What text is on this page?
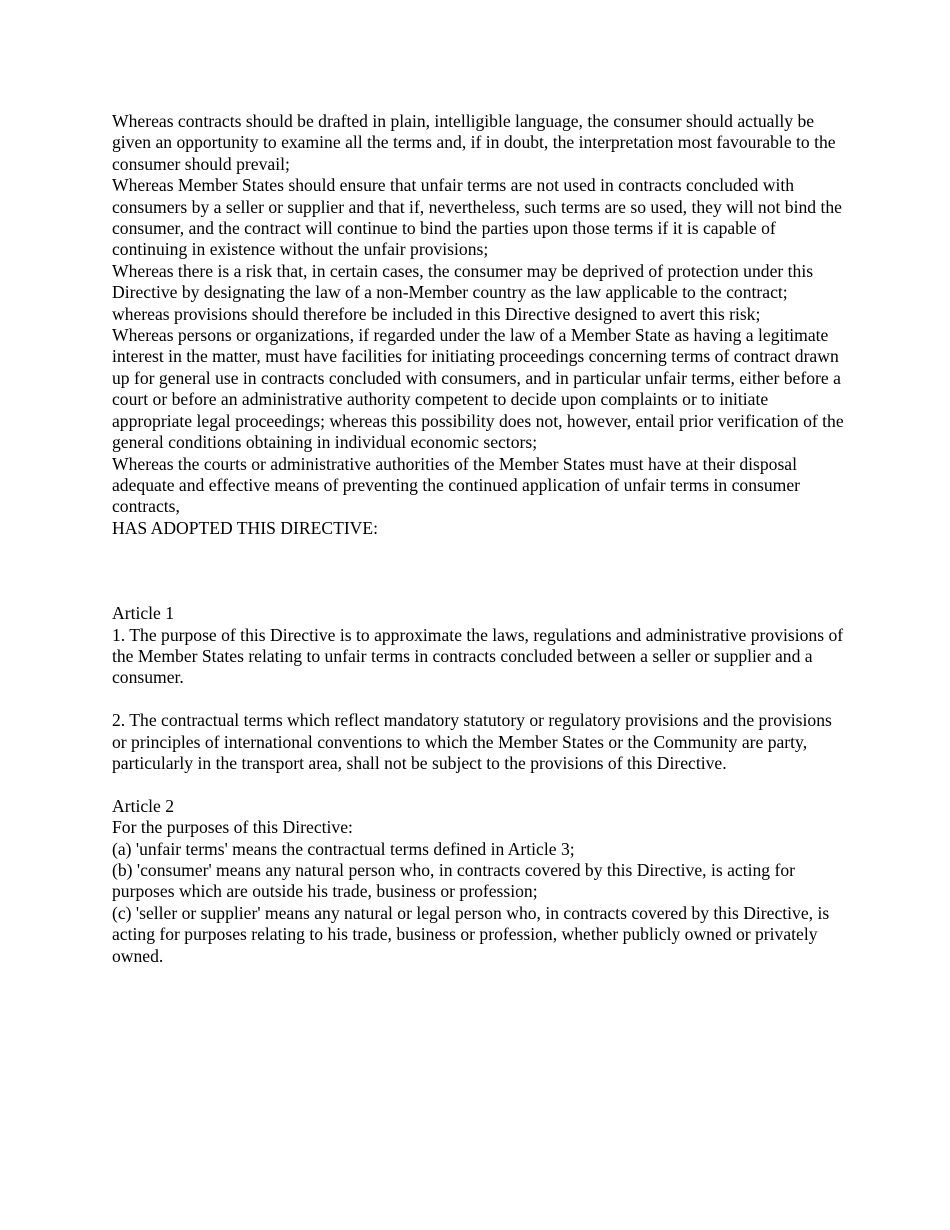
Whereas contracts should be drafted in plain, intelligible language, the consumer should actually be given an opportunity to examine all the terms and, if in doubt, the interpretation most favourable to the consumer should prevail;

Whereas Member States should ensure that unfair terms are not used in contracts concluded with consumers by a seller or supplier and that if, nevertheless, such terms are so used, they will not bind the consumer, and the contract will continue to bind the parties upon those terms if it is capable of continuing in existence without the unfair provisions;

Whereas there is a risk that, in certain cases, the consumer may be deprived of protection under this Directive by designating the law of a non-Member country as the law applicable to the contract; whereas provisions should therefore be included in this Directive designed to avert this risk;

Whereas persons or organizations, if regarded under the law of a Member State as having a legitimate interest in the matter, must have facilities for initiating proceedings concerning terms of contract drawn up for general use in contracts concluded with consumers, and in particular unfair terms, either before a court or before an administrative authority competent to decide upon complaints or to initiate appropriate legal proceedings; whereas this possibility does not, however, entail prior verification of the general conditions obtaining in individual economic sectors;

Whereas the courts or administrative authorities of the Member States must have at their disposal adequate and effective means of preventing the continued application of unfair terms in consumer contracts,

HAS ADOPTED THIS DIRECTIVE:

Article 1

1. The purpose of this Directive is to approximate the laws, regulations and administrative provisions of the Member States relating to unfair terms in contracts concluded between a seller or supplier and a consumer.

2. The contractual terms which reflect mandatory statutory or regulatory provisions and the provisions or principles of international conventions to which the Member States or the Community are party, particularly in the transport area, shall not be subject to the provisions of this Directive.

Article 2

For the purposes of this Directive:

(a) 'unfair terms' means the contractual terms defined in Article 3;

(b) 'consumer' means any natural person who, in contracts covered by this Directive, is acting for purposes which are outside his trade, business or profession;

(c) 'seller or supplier' means any natural or legal person who, in contracts covered by this Directive, is acting for purposes relating to his trade, business or profession, whether publicly owned or privately owned.
